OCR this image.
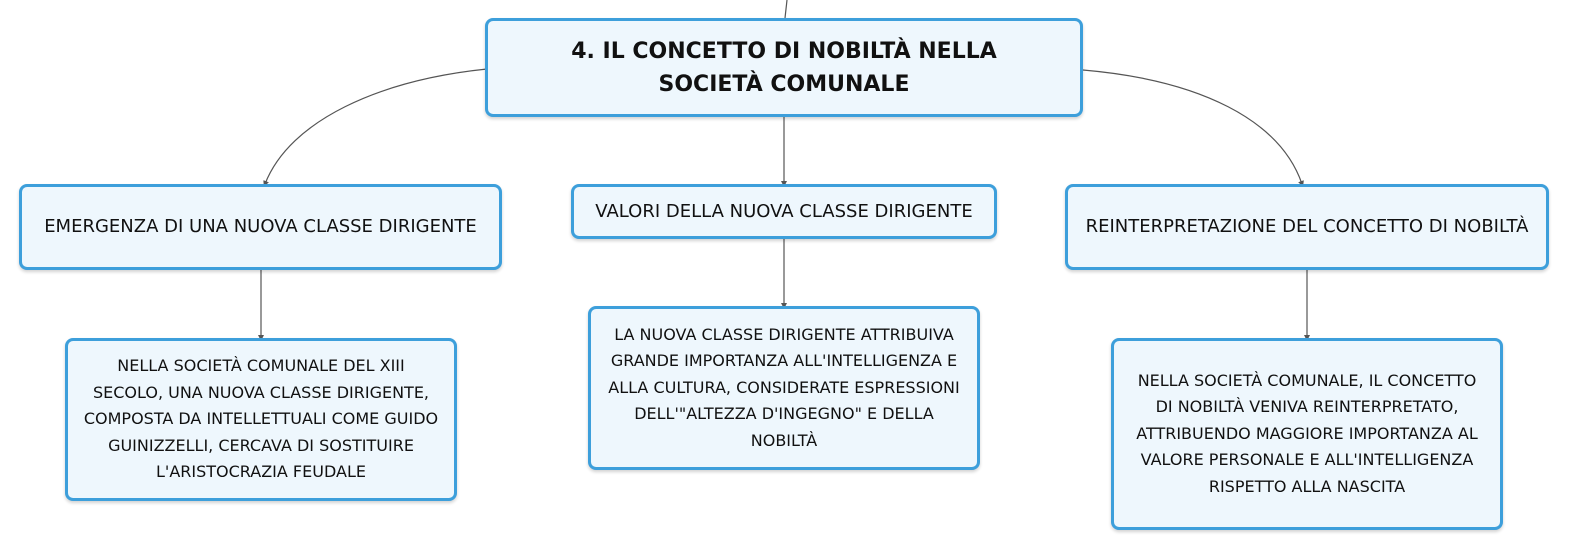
4. IL CONCETTO DI NOBILTÀ NELLA SOCIETÀ COMUNALE
EMERGENZA DI UNA NUOVA CLASSE DIRIGENTE
VALORI DELLA NUOVA CLASSE DIRIGENTE
REINTERPRETAZIONE DEL CONCETTO DI NOBILTÀ
NELLA SOCIETÀ COMUNALE DEL XIII SECOLO, UNA NUOVA CLASSE DIRIGENTE, COMPOSTA DA INTELLETTUALI COME GUIDO GUINIZZELLI, CERCAVA DI SOSTITUIRE L'ARISTOCRAZIA FEUDALE
LA NUOVA CLASSE DIRIGENTE ATTRIBUIVA GRANDE IMPORTANZA ALL'INTELLIGENZA E ALLA CULTURA, CONSIDERATE ESPRESSIONI DELL'"ALTEZZA D'INGEGNO" E DELLA NOBILTÀ
NELLA SOCIETÀ COMUNALE, IL CONCETTO DI NOBILTÀ VENIVA REINTERPRETATO, ATTRIBUENDO MAGGIORE IMPORTANZA AL VALORE PERSONALE E ALL'INTELLIGENZA RISPETTO ALLA NASCITA
